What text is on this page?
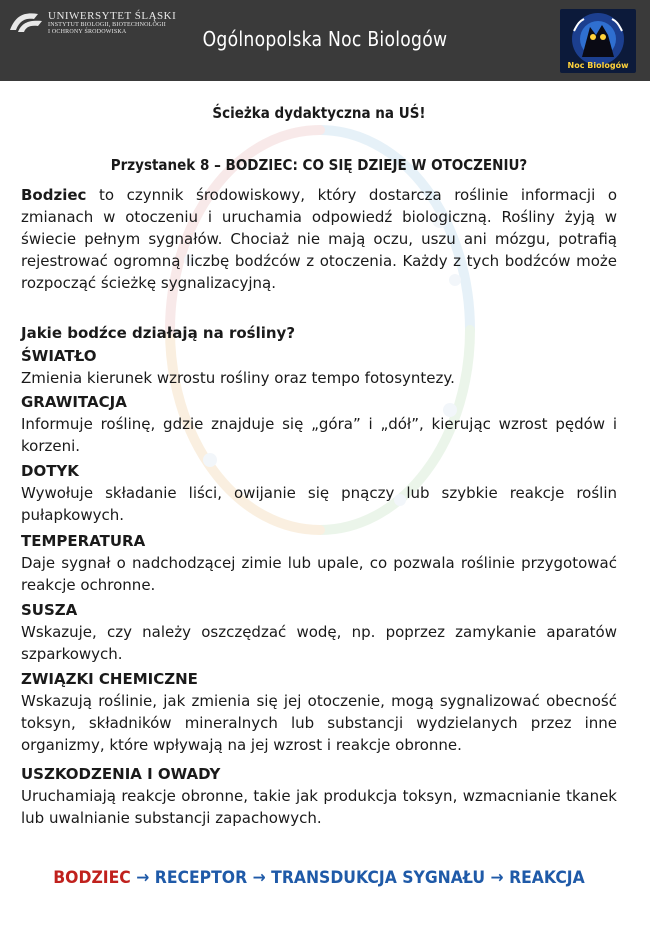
UNIWERSYTET ŚLĄSKI
INSTYTUT BIOLOGII, BIOTECHNOLOGII
I OCHRONY ŚRODOWISKA	Ogólnopolska Noc Biologów
Noc Biologów
Ścieżka dydaktyczna na UŚ!
Przystanek 8 – BODZIEC: CO SIĘ DZIEJE W OTOCZENIU?
Bodziec to czynnik środowiskowy, który dostarcza roślinie informacji o zmianach w otoczeniu i uruchamia odpowiedź biologiczną. Rośliny żyją w świecie pełnym sygnałów. Chociaż nie mają oczu, uszu ani mózgu, potrafią rejestrować ogromną liczbę bodźców z otoczenia. Każdy z tych bodźców może rozpocząć ścieżkę sygnalizacyjną.
Jakie bodźce działają na rośliny?
ŚWIATŁO
Zmienia kierunek wzrostu rośliny oraz tempo fotosyntezy.
GRAWITACJA
Informuje roślinę, gdzie znajduje się „góra” i „dół”, kierując wzrost pędów i korzeni.
DOTYK
Wywołuje składanie liści, owijanie się pnączy lub szybkie reakcje roślin pułapkowych.
TEMPERATURA
Daje sygnał o nadchodzącej zimie lub upale, co pozwala roślinie przygotować reakcje ochronne.
SUSZA
Wskazuje, czy należy oszczędzać wodę, np. poprzez zamykanie aparatów szparkowych.
ZWIĄZKI CHEMICZNE
Wskazują roślinie, jak zmienia się jej otoczenie, mogą sygnalizować obecność toksyn, składników mineralnych lub substancji wydzielanych przez inne organizmy, które wpływają na jej wzrost i reakcje obronne.
USZKODZENIA I OWADY
Uruchamiają reakcje obronne, takie jak produkcja toksyn, wzmacnianie tkanek lub uwalnianie substancji zapachowych.
BODZIEC → RECEPTOR → TRANSDUKCJA SYGNAŁU → REAKCJA
